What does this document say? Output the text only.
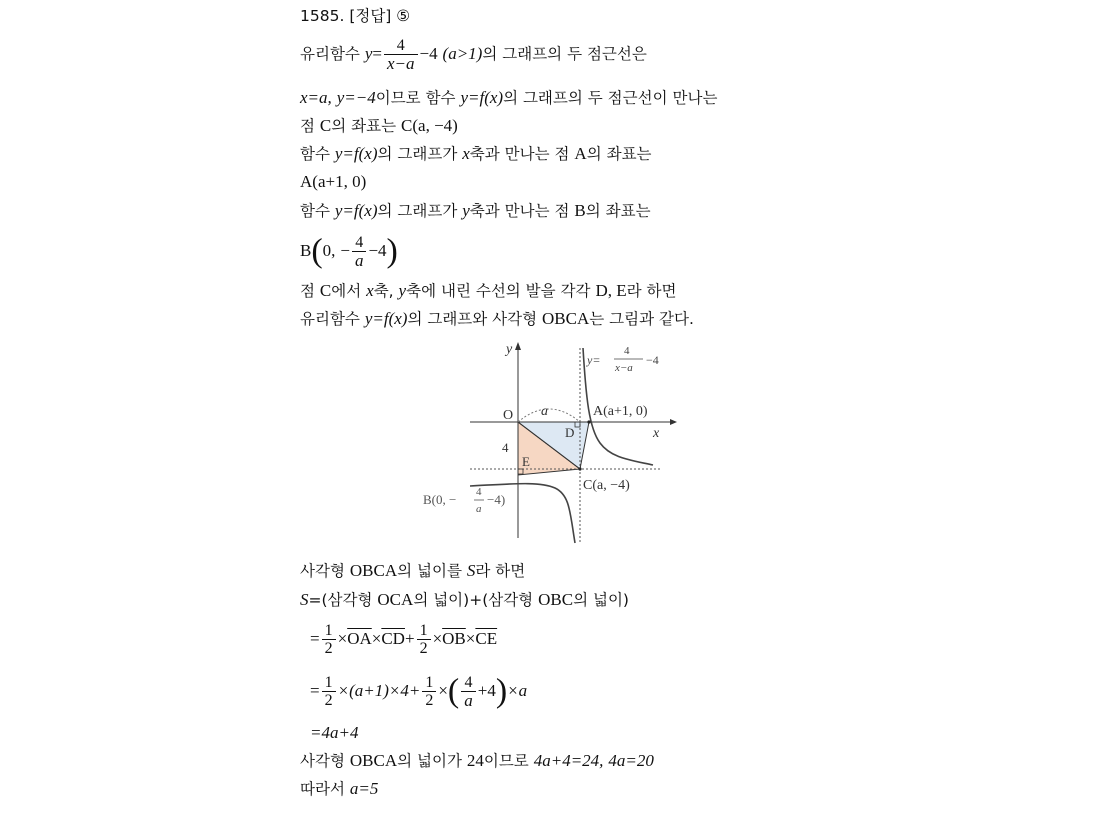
1585. [정답] ⑤
유리함수 $y= \frac{4}{x-a} -4$ (a>1)의 그래프의 두 점근선은
x=a, y=−4이므로 함수 y=f(x)의 그래프의 두 점근선이 만나는
점 C의 좌표는 C(a, −4)
함수 y=f(x)의 그래프가 x축과 만나는 점 A의 좌표는
A(a+1, 0)
함수 y=f(x)의 그래프가 y축과 만나는 점 B의 좌표는
B(0, − $\frac{4}{a} -4$)
점 C에서 x축, y축에 내린 수선의 발을 각각 D, E라 하면
유리함수 y=f(x)의 그래프와 사각형 OBCA는 그림과 같다.
y
x
O
y=
4
x−a
−4
a	A(a+1, 0)
D
4
E
C(a, −4)
B(0, − 4
a
−4)
사각형 OBCA의 넓이를 S라 하면
S=(삼각형 OCA의 넓이)+(삼각형 OBC의 넓이)
= $\frac{1}{2} \times\overline{OA}\times\overline{CD}+ \frac{1}{2} \times\overline{OB}\times\overline{CE}$
= $\frac{1}{2} \times(a+1)\times 4+ \frac{1}{2}$ ×( $\frac{4}{a} +4)\times a$
=4a+4
사각형 OBCA의 넓이가 24이므로 4a+4=24, 4a=20
따라서 a=5
